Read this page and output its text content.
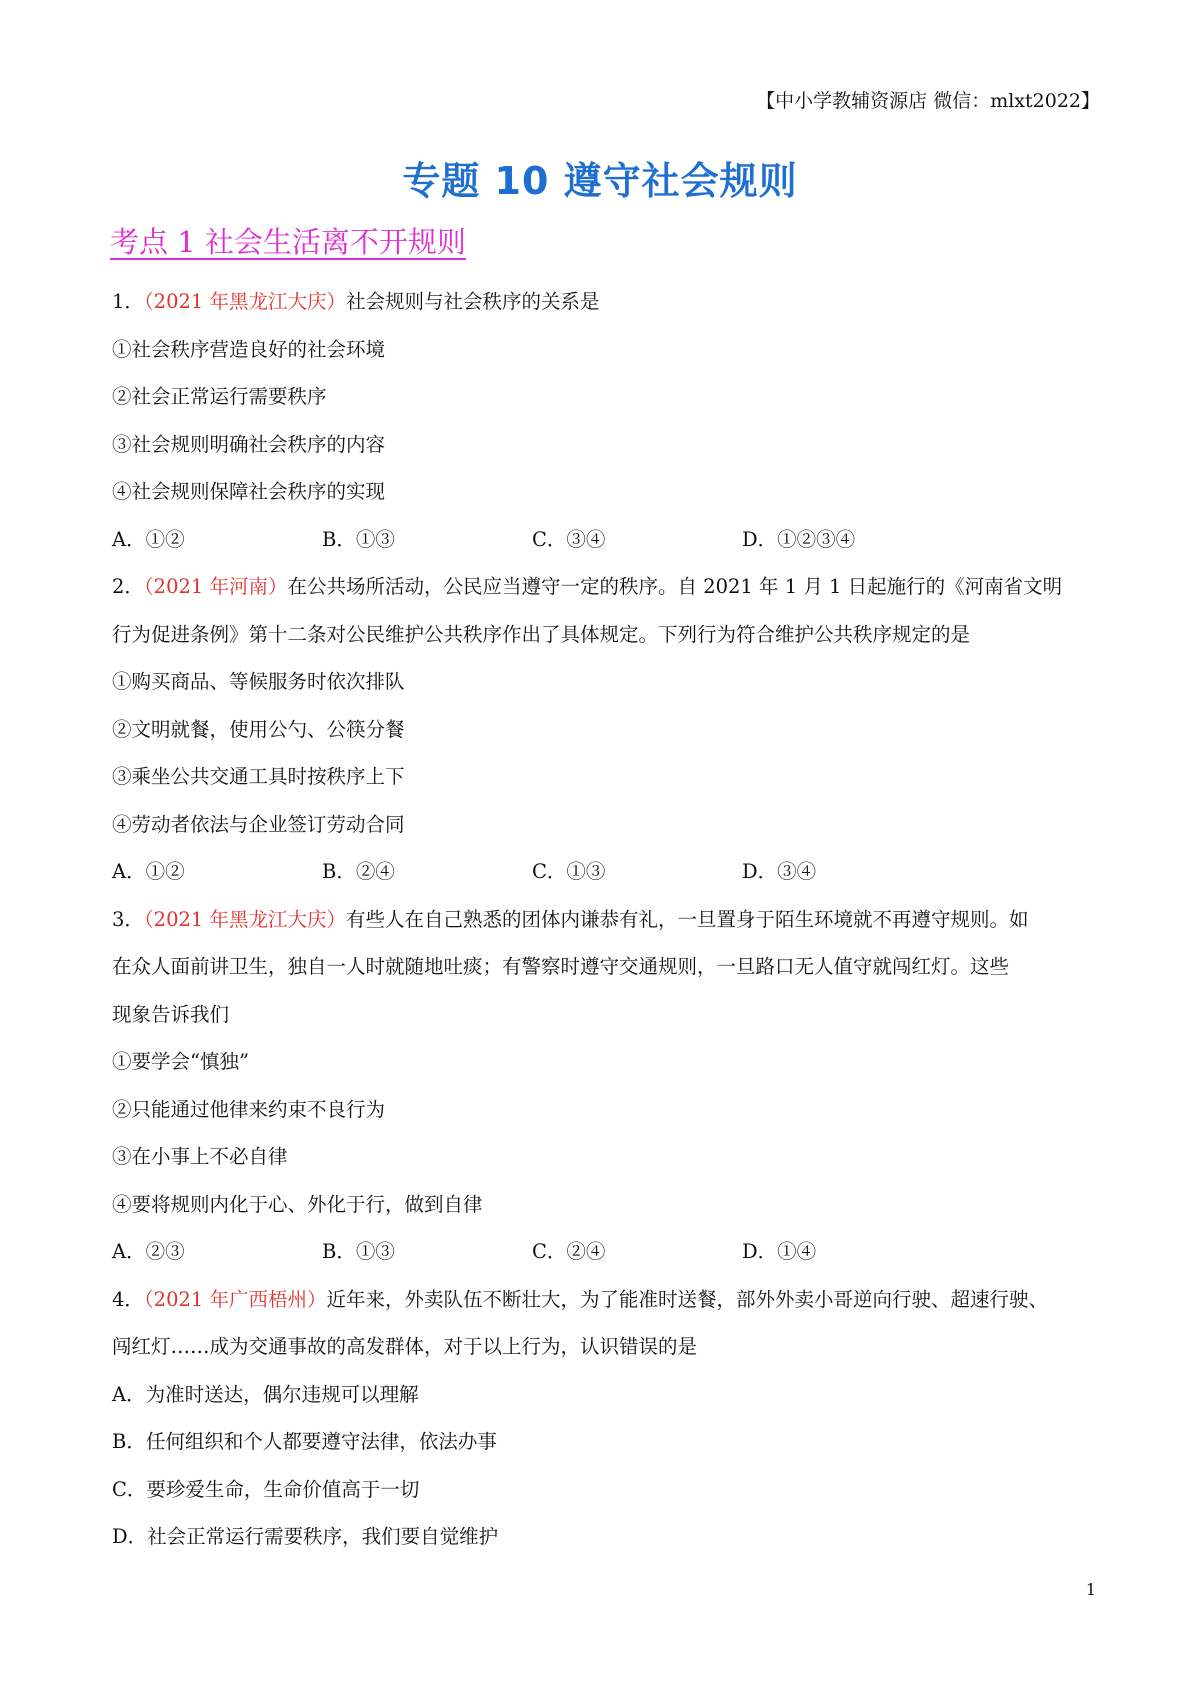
【中小学教辅资源店 微信：mlxt2022】
专题 10 遵守社会规则
考点 1 社会生活离不开规则
1．（2021 年黑龙江大庆）社会规则与社会秩序的关系是
①社会秩序营造良好的社会环境
②社会正常运行需要秩序
③社会规则明确社会秩序的内容
④社会规则保障社会秩序的实现
A．①②	B．①③	C．③④	D．①②③④
2．（2021 年河南）在公共场所活动，公民应当遵守一定的秩序。自 2021 年 1 月 1 日起施行的《河南省文明
行为促进条例》第十二条对公民维护公共秩序作出了具体规定。下列行为符合维护公共秩序规定的是
①购买商品、等候服务时依次排队
②文明就餐，使用公勺、公筷分餐
③乘坐公共交通工具时按秩序上下
④劳动者依法与企业签订劳动合同
A．①②	B．②④	C．①③	D．③④
3．（2021 年黑龙江大庆）有些人在自己熟悉的团体内谦恭有礼，一旦置身于陌生环境就不再遵守规则。如
在众人面前讲卫生，独自一人时就随地吐痰；有警察时遵守交通规则，一旦路口无人值守就闯红灯。这些
现象告诉我们
①要学会“慎独”
②只能通过他律来约束不良行为
③在小事上不必自律
④要将规则内化于心、外化于行，做到自律
A．②③	B．①③	C．②④	D．①④
4．（2021 年广西梧州）近年来，外卖队伍不断壮大，为了能准时送餐，部外外卖小哥逆向行驶、超速行驶、
闯红灯……成为交通事故的高发群体，对于以上行为，认识错误的是
A．为准时送达，偶尔违规可以理解
B．任何组织和个人都要遵守法律，依法办事
C．要珍爱生命，生命价值高于一切
D．社会正常运行需要秩序，我们要自觉维护
1
